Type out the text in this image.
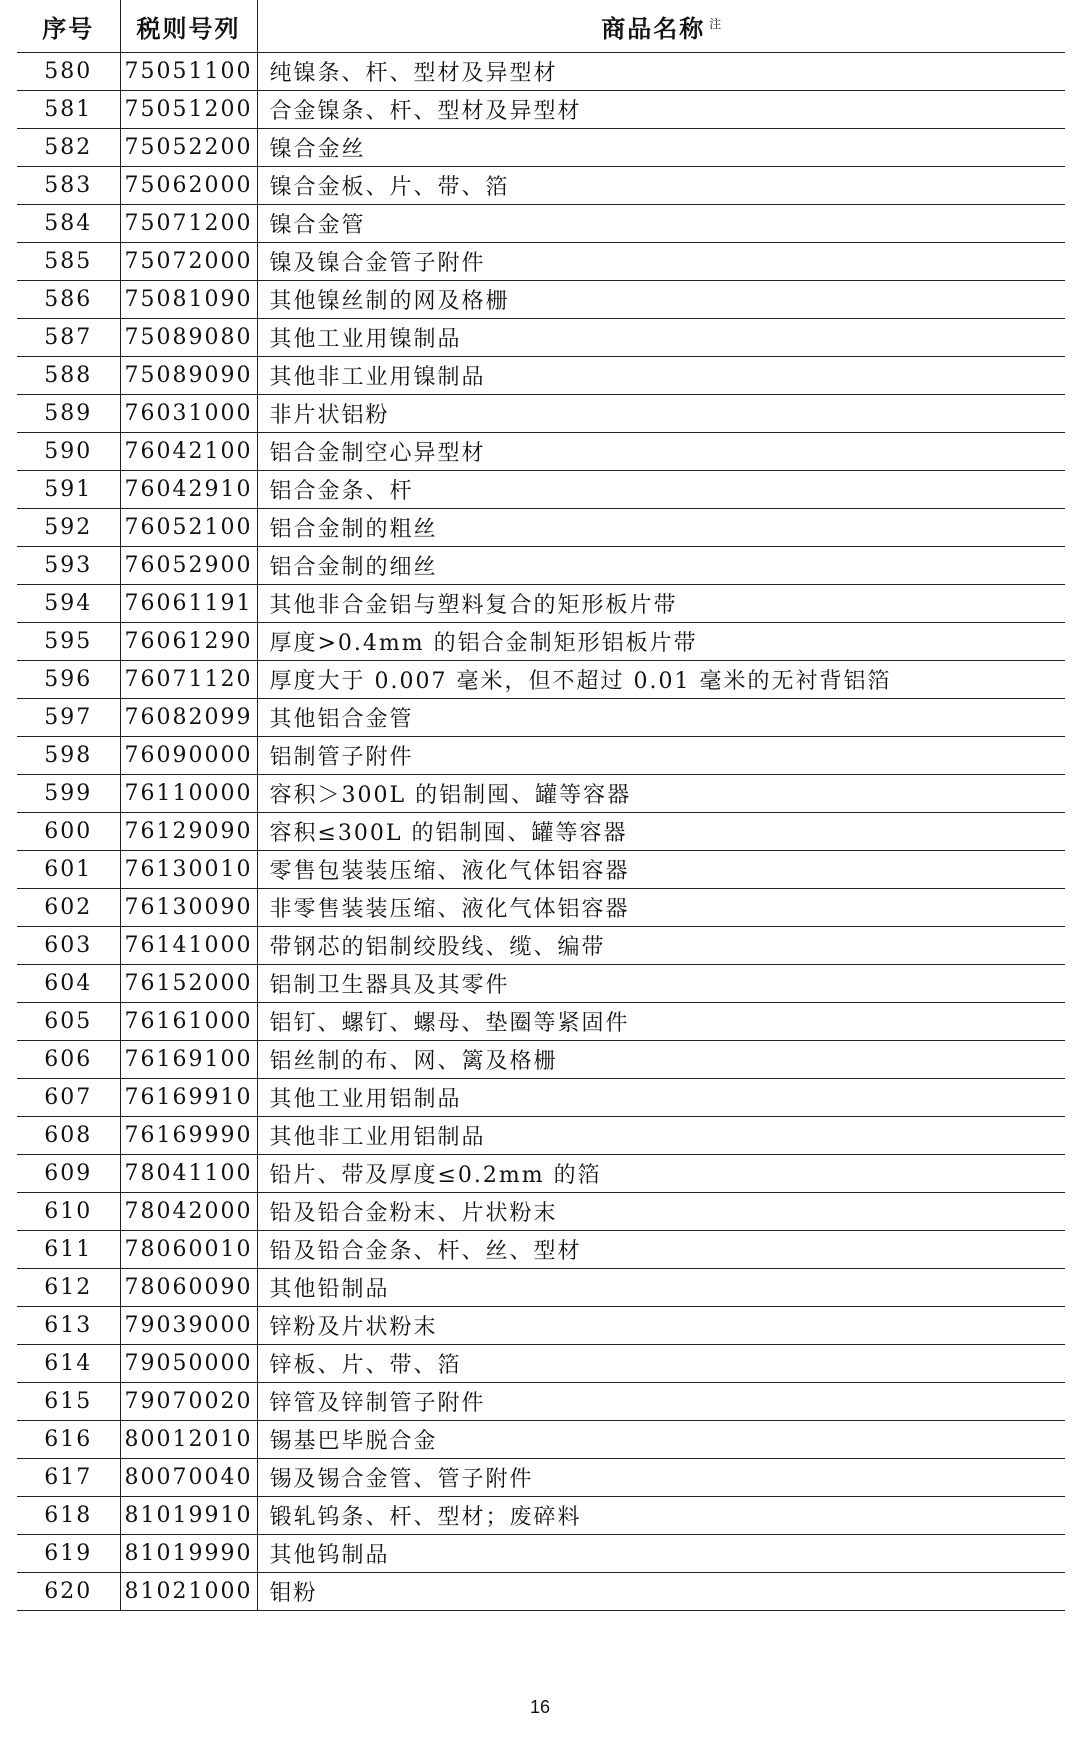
序号	税则号列	商品名称 $^注$
580	75051100	纯镍条、杆、型材及异型材
581	75051200	合金镍条、杆、型材及异型材
582	75052200	镍合金丝
583	75062000	镍合金板、片、带、箔
584	75071200	镍合金管
585	75072000	镍及镍合金管子附件
586	75081090	其他镍丝制的网及格栅
587	75089080	其他工业用镍制品
588	75089090	其他非工业用镍制品
589	76031000	非片状铝粉
590	76042100	铝合金制空心异型材
591	76042910	铝合金条、杆
592	76052100	铝合金制的粗丝
593	76052900	铝合金制的细丝
594	76061191	其他非合金铝与塑料复合的矩形板片带
595	76061290	厚度>0.4mm 的铝合金制矩形铝板片带
596	76071120	厚度大于 0.007 毫米，但不超过 0.01 毫米的无衬背铝箔
597	76082099	其他铝合金管
598	76090000	铝制管子附件
599	76110000	容积＞300L 的铝制囤、罐等容器
600	76129090	容积≤300L 的铝制囤、罐等容器
601	76130010	零售包装装压缩、液化气体铝容器
602	76130090	非零售装装压缩、液化气体铝容器
603	76141000	带钢芯的铝制绞股线、缆、编带
604	76152000	铝制卫生器具及其零件
605	76161000	铝钉、螺钉、螺母、垫圈等紧固件
606	76169100	铝丝制的布、网、篱及格栅
607	76169910	其他工业用铝制品
608	76169990	其他非工业用铝制品
609	78041100	铅片、带及厚度≤0.2mm 的箔
610	78042000	铅及铅合金粉末、片状粉末
611	78060010	铅及铅合金条、杆、丝、型材
612	78060090	其他铅制品
613	79039000	锌粉及片状粉末
614	79050000	锌板、片、带、箔
615	79070020	锌管及锌制管子附件
616	80012010	锡基巴毕脱合金
617	80070040	锡及锡合金管、管子附件
618	81019910	锻轧钨条、杆、型材；废碎料
619	81019990	其他钨制品
620	81021000	钼粉
16
